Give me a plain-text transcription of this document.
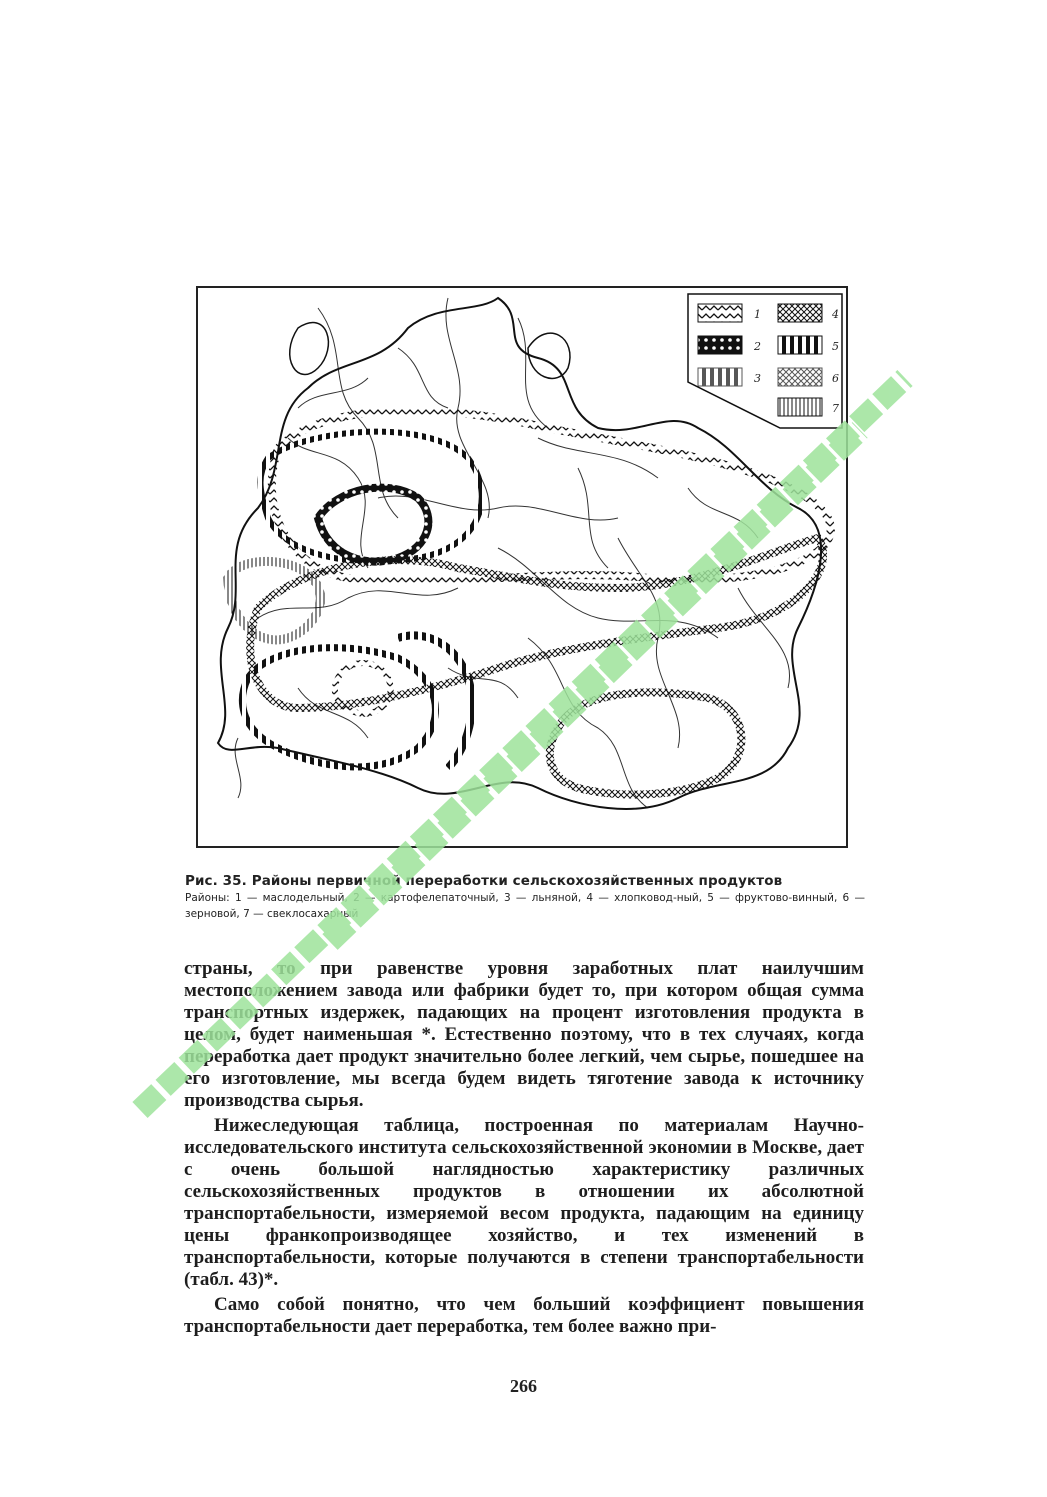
1	4
2	5
3	6
7
Рис. 35. Районы первичной переработки сельскохозяйственных продуктов
Районы: 1 — маслодельный, 2 — картофелепаточный, 3 — льняной, 4 — хлопковод-ный, 5 — фруктово-винный, 6 — зерновой, 7 — свеклосахарный

страны, то при равенстве уровня заработных плат наилучшим местоположением завода или фабрики будет то, при котором общая сумма транспортных издержек, падающих на процент изготовления продукта в целом, будет наименьшая *. Естественно поэтому, что в тех случаях, когда переработка дает продукт значительно более легкий, чем сырье, пошедшее на его изготовление, мы всегда будем видеть тяготение завода к источнику производства сырья.

Нижеследующая таблица, построенная по материалам Научно-исследовательского института сельскохозяйственной экономии в Москве, дает с очень большой наглядностью характеристику различных сельскохозяйственных продуктов в отношении их абсолютной транспортабельности, измеряемой весом продукта, падающим на единицу цены франкопроизводящее хозяйство, и тех изменений в транспортабельности, которые получаются в степени транспортабельности (табл. 43)*.

Само собой понятно, что чем больший коэффициент повышения транспортабельности дает переработка, тем более важно при-

266
